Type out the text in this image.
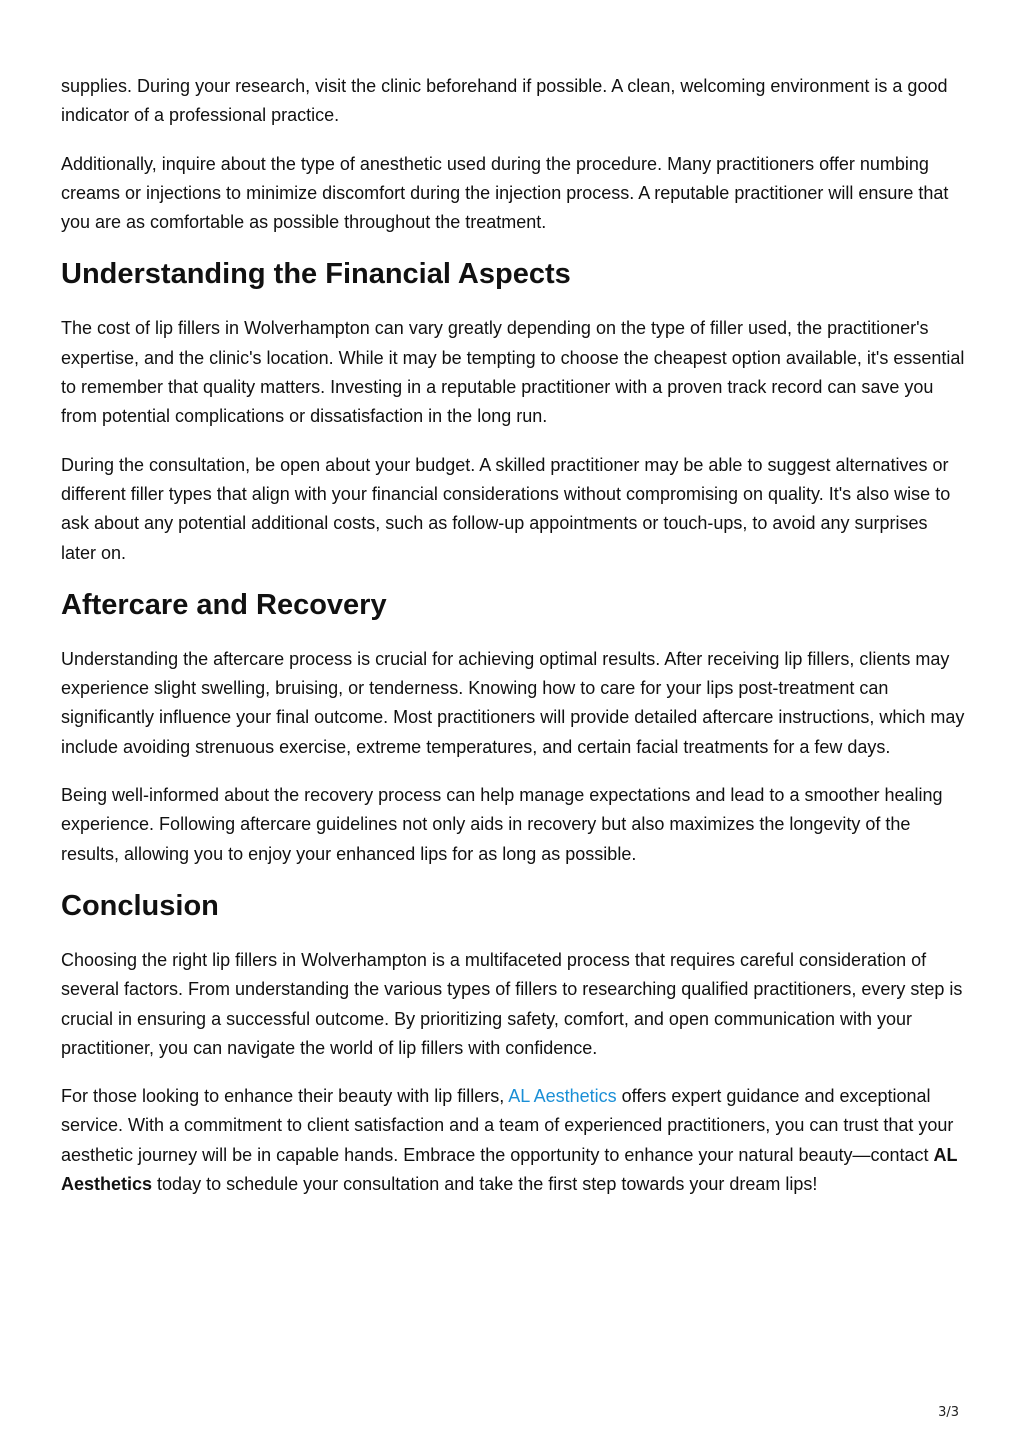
supplies. During your research, visit the clinic beforehand if possible. A clean, welcoming environment is a good indicator of a professional practice.

Additionally, inquire about the type of anesthetic used during the procedure. Many practitioners offer numbing creams or injections to minimize discomfort during the injection process. A reputable practitioner will ensure that you are as comfortable as possible throughout the treatment.

Understanding the Financial Aspects

The cost of lip fillers in Wolverhampton can vary greatly depending on the type of filler used, the practitioner's expertise, and the clinic's location. While it may be tempting to choose the cheapest option available, it's essential to remember that quality matters. Investing in a reputable practitioner with a proven track record can save you from potential complications or dissatisfaction in the long run.

During the consultation, be open about your budget. A skilled practitioner may be able to suggest alternatives or different filler types that align with your financial considerations without compromising on quality. It's also wise to ask about any potential additional costs, such as follow-up appointments or touch-ups, to avoid any surprises later on.

Aftercare and Recovery

Understanding the aftercare process is crucial for achieving optimal results. After receiving lip fillers, clients may experience slight swelling, bruising, or tenderness. Knowing how to care for your lips post-treatment can significantly influence your final outcome. Most practitioners will provide detailed aftercare instructions, which may include avoiding strenuous exercise, extreme temperatures, and certain facial treatments for a few days.

Being well-informed about the recovery process can help manage expectations and lead to a smoother healing experience. Following aftercare guidelines not only aids in recovery but also maximizes the longevity of the results, allowing you to enjoy your enhanced lips for as long as possible.

Conclusion

Choosing the right lip fillers in Wolverhampton is a multifaceted process that requires careful consideration of several factors. From understanding the various types of fillers to researching qualified practitioners, every step is crucial in ensuring a successful outcome. By prioritizing safety, comfort, and open communication with your practitioner, you can navigate the world of lip fillers with confidence.

For those looking to enhance their beauty with lip fillers, AL Aesthetics offers expert guidance and exceptional service. With a commitment to client satisfaction and a team of experienced practitioners, you can trust that your aesthetic journey will be in capable hands. Embrace the opportunity to enhance your natural beauty—contact AL Aesthetics today to schedule your consultation and take the first step towards your dream lips!

3/3
